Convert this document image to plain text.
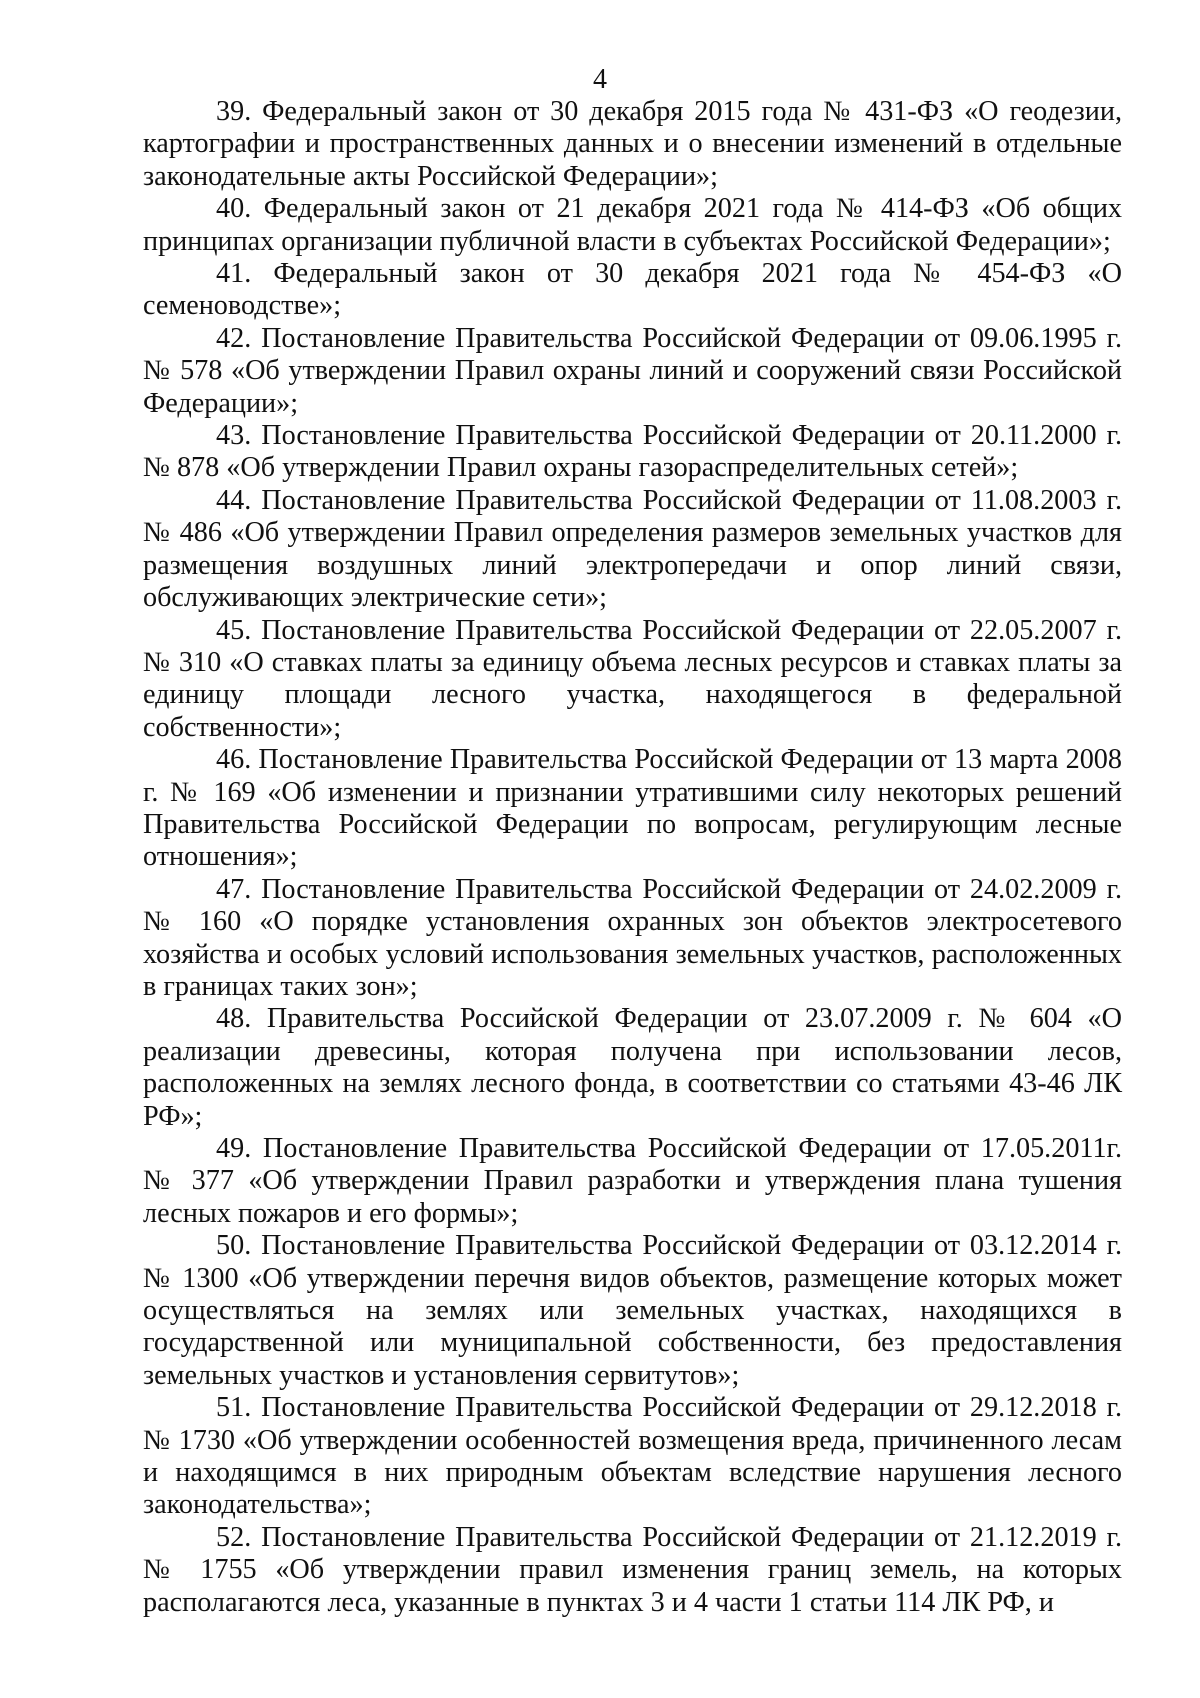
4

39. Федеральный закон от 30 декабря 2015 года № 431-ФЗ «О геодезии, картографии и пространственных данных и о внесении изменений в отдельные законодательные акты Российской Федерации»;

40. Федеральный закон от 21 декабря 2021 года № 414-ФЗ «Об общих принципах организации публичной власти в субъектах Российской Федерации»;

41. Федеральный закон от 30 декабря 2021 года № 454-ФЗ «О семеноводстве»;

42. Постановление Правительства Российской Федерации от 09.06.1995 г. № 578 «Об утверждении Правил охраны линий и сооружений связи Российской Федерации»;

43. Постановление Правительства Российской Федерации от 20.11.2000 г. № 878 «Об утверждении Правил охраны газораспределительных сетей»;

44. Постановление Правительства Российской Федерации от 11.08.2003 г. № 486 «Об утверждении Правил определения размеров земельных участков для размещения воздушных линий электропередачи и опор линий связи, обслуживающих электрические сети»;

45. Постановление Правительства Российской Федерации от 22.05.2007 г. № 310 «О ставках платы за единицу объема лесных ресурсов и ставках платы за единицу площади лесного участка, находящегося в федеральной собственности»;

46. Постановление Правительства Российской Федерации от 13 марта 2008 г. № 169 «Об изменении и признании утратившими силу некоторых решений Правительства Российской Федерации по вопросам, регулирующим лесные отношения»;

47. Постановление Правительства Российской Федерации от 24.02.2009 г. № 160 «О порядке установления охранных зон объектов электросетевого хозяйства и особых условий использования земельных участков, расположенных в границах таких зон»;

48. Правительства Российской Федерации от 23.07.2009 г. № 604 «О реализации древесины, которая получена при использовании лесов, расположенных на землях лесного фонда, в соответствии со статьями 43-46 ЛК РФ»;

49. Постановление Правительства Российской Федерации от 17.05.2011г. № 377 «Об утверждении Правил разработки и утверждения плана тушения лесных пожаров и его формы»;

50. Постановление Правительства Российской Федерации от 03.12.2014 г. № 1300 «Об утверждении перечня видов объектов, размещение которых может осуществляться на землях или земельных участках, находящихся в государственной или муниципальной собственности, без предоставления земельных участков и установления сервитутов»;

51. Постановление Правительства Российской Федерации от 29.12.2018 г. № 1730 «Об утверждении особенностей возмещения вреда, причиненного лесам и находящимся в них природным объектам вследствие нарушения лесного законодательства»;

52. Постановление Правительства Российской Федерации от 21.12.2019 г. № 1755 «Об утверждении правил изменения границ земель, на которых располагаются леса, указанные в пунктах 3 и 4 части 1 статьи 114 ЛК РФ, и
